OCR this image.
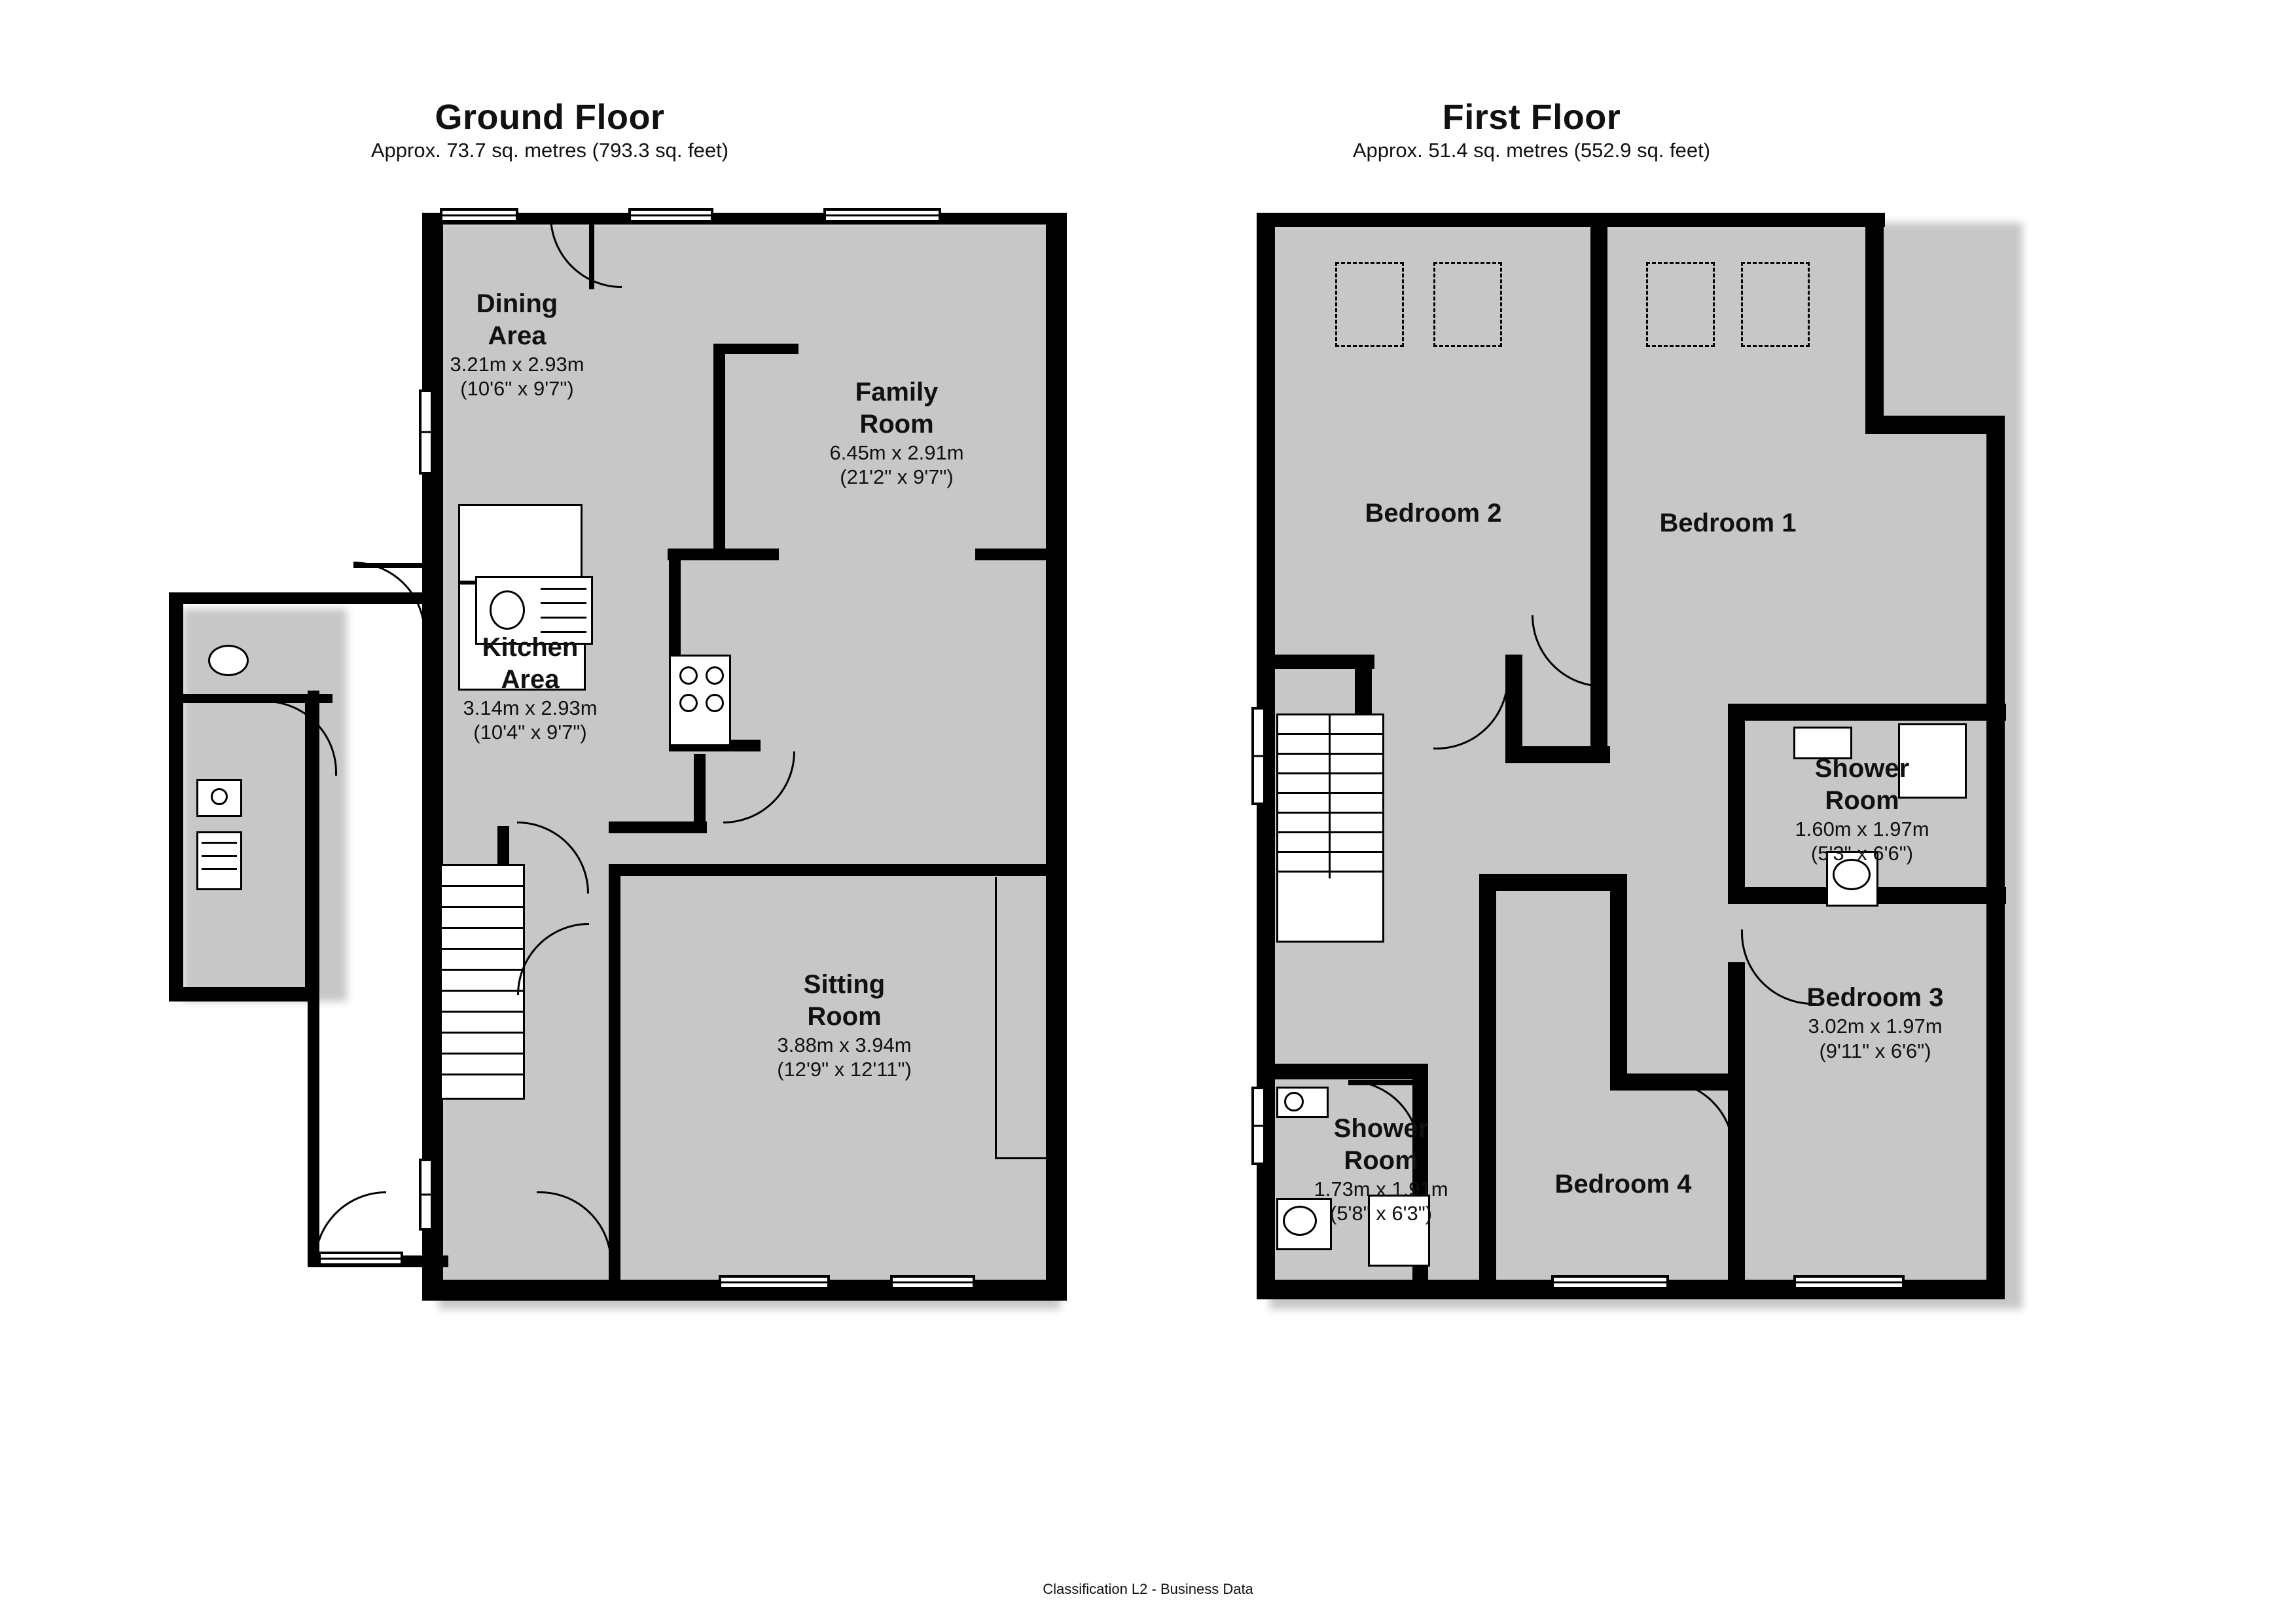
Ground Floor
Approx. 73.7 sq. metres (793.3 sq. feet)
Dining
Area
3.21m x 2.93m
(10'6" x 9'7")	Family
Room
6.45m x 2.91m
(21'2" x 9'7")
Kitchen
Area
3.14m x 2.93m
(10'4" x 9'7")
Sitting
Room
3.88m x 3.94m
(12'9" x 12'11")
First Floor
Approx. 51.4 sq. metres (552.9 sq. feet)
Bedroom 2	Bedroom 1
Shower
Room
1.60m x 1.97m
(5'3" x 6'6")
Bedroom 3
3.02m x 1.97m
(9'11" x 6'6")
Shower
Room
1.73m x 1.91m
(5'8" x 6'3")
Bedroom 4
Classification L2 - Business Data
